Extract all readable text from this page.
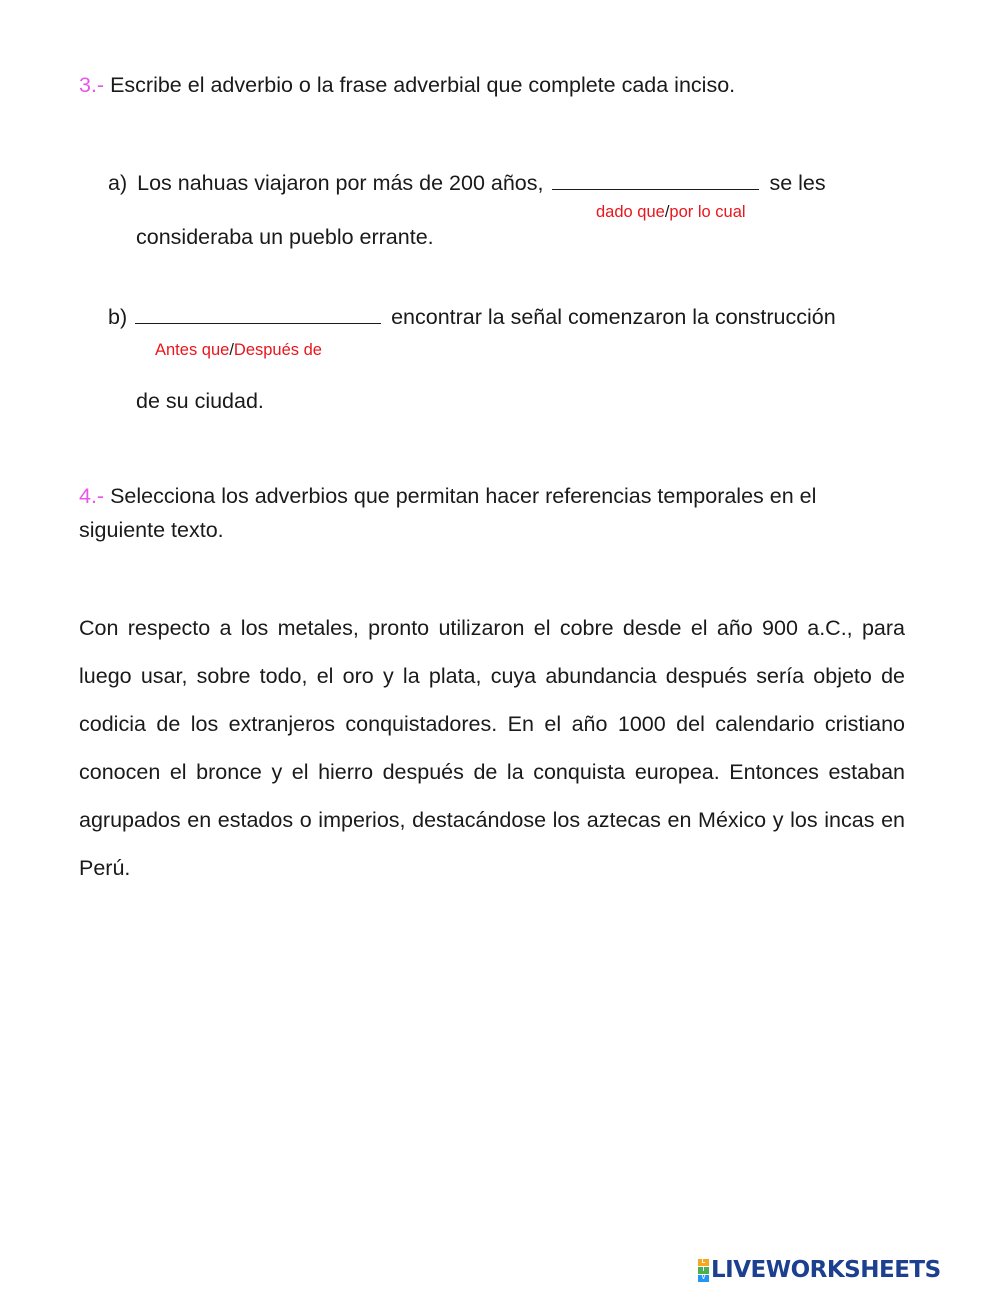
3.- Escribe el adverbio o la frase adverbial que complete cada inciso.
a) Los nahuas viajaron por más de 200 años,	se les
dado que/por lo cual
consideraba un pueblo errante.
b)	encontrar la señal comenzaron la construcción
Antes que/Después de
de su ciudad.
4.- Selecciona los adverbios que permitan hacer referencias temporales en el
siguiente texto.
Con respecto a los metales, pronto utilizaron el cobre desde el año 900 a.C., para luego usar, sobre todo, el oro y la plata, cuya abundancia después sería objeto de codicia de los extranjeros conquistadores. En el año 1000 del calendario cristiano conocen el bronce y el hierro después de la conquista europea. Entonces estaban agrupados en estados o imperios, destacándose los aztecas en México y los incas en Perú.
L
I
V LIVEWORKSHEETS
